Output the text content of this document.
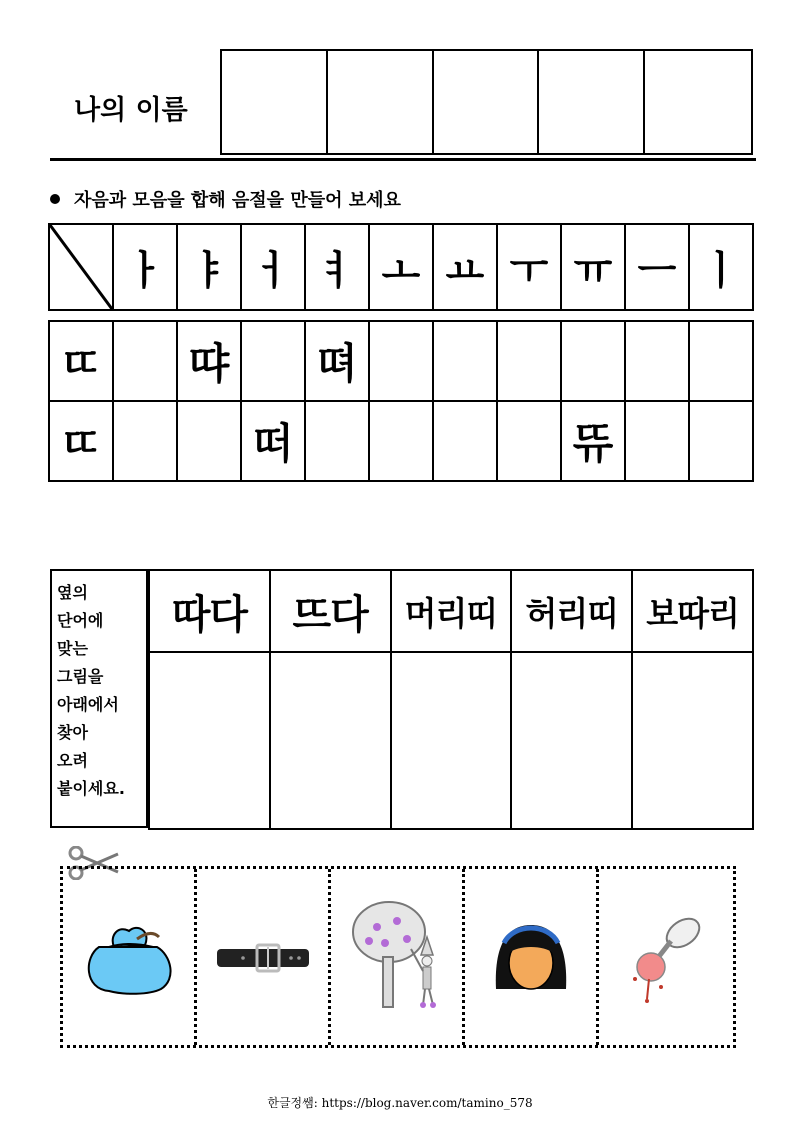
나의 이름
자음과 모음을 합해 음절을 만들어 보세요
	ㅏ	ㅑ	ㅓ	ㅕ	ㅗ	ㅛ	ㅜ	ㅠ	ㅡ	ㅣ
ㄸ		땨		뗘						
ㄸ			떠					뜌		
옆의
단어에
맞는
그림을
아래에서
찾아
오려
붙이세요.
따다	뜨다	머리띠	허리띠	보따리

한글정쌤: https://blog.naver.com/tamino_578
